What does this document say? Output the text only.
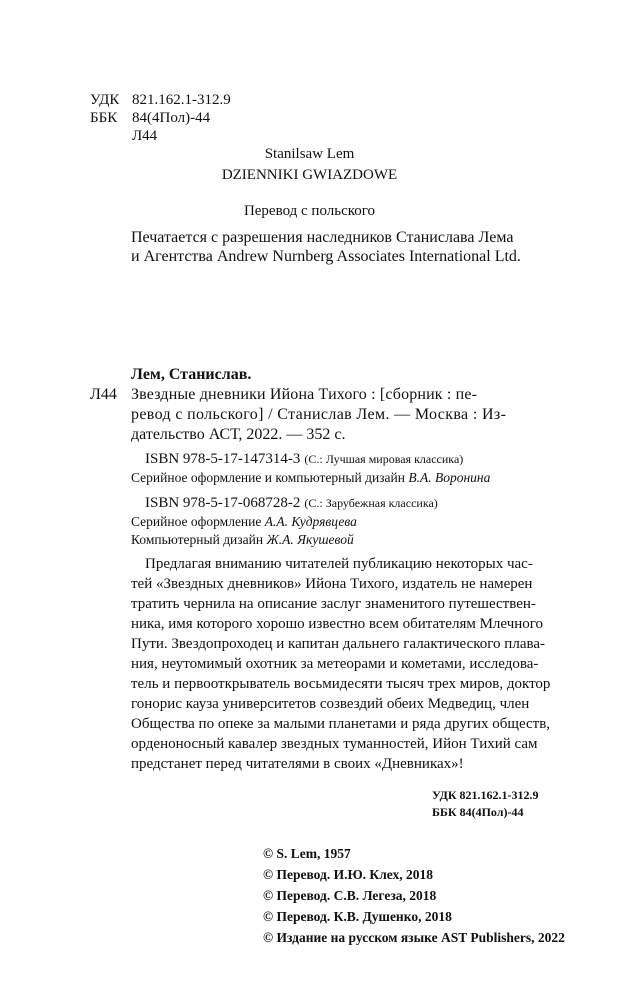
УДК 821.162.1-312.9
ББК 84(4Пол)-44
Л44
Stanilsaw Lem
DZIENNIKI GWIAZDOWE
Перевод с польского
Печатается с разрешения наследников Станислава Лема
и Агентства Andrew Nurnberg Associates International Ltd.
Лем, Станислав.
Л44 Звездные дневники Ийона Тихого : [сборник : пе-
ревод с польского] / Станислав Лем. — Москва : Из-
дательство АСТ, 2022. — 352 с.
ISBN 978-5-17-147314-3 (С.: Лучшая мировая классика)
Серийное оформление и компьютерный дизайн В.А. Воронина
ISBN 978-5-17-068728-2 (С.: Зарубежная классика)
Серийное оформление А.А. Кудрявцева
Компьютерный дизайн Ж.А. Якушевой
Предлагая вниманию читателей публикацию некоторых час-
тей «Звездных дневников» Ийона Тихого, издатель не намерен
тратить чернила на описание заслуг знаменитого путешествен-
ника, имя которого хорошо известно всем обитателям Млечного
Пути. Звездопроходец и капитан дальнего галактического плава-
ния, неутомимый охотник за метеорами и кометами, исследова-
тель и первооткрыватель восьмидесяти тысяч трех миров, доктор
гонорис кауза университетов созвездий обеих Медведиц, член
Общества по опеке за малыми планетами и ряда других обществ,
орденоносный кавалер звездных туманностей, Ийон Тихий сам
предстанет перед читателями в своих «Дневниках»!
УДК 821.162.1-312.9
ББК 84(4Пол)-44
© S. Lem, 1957
© Перевод. И.Ю. Клех, 2018
© Перевод. С.В. Легеза, 2018
© Перевод. К.В. Душенко, 2018
© Издание на русском языке AST Publishers, 2022
